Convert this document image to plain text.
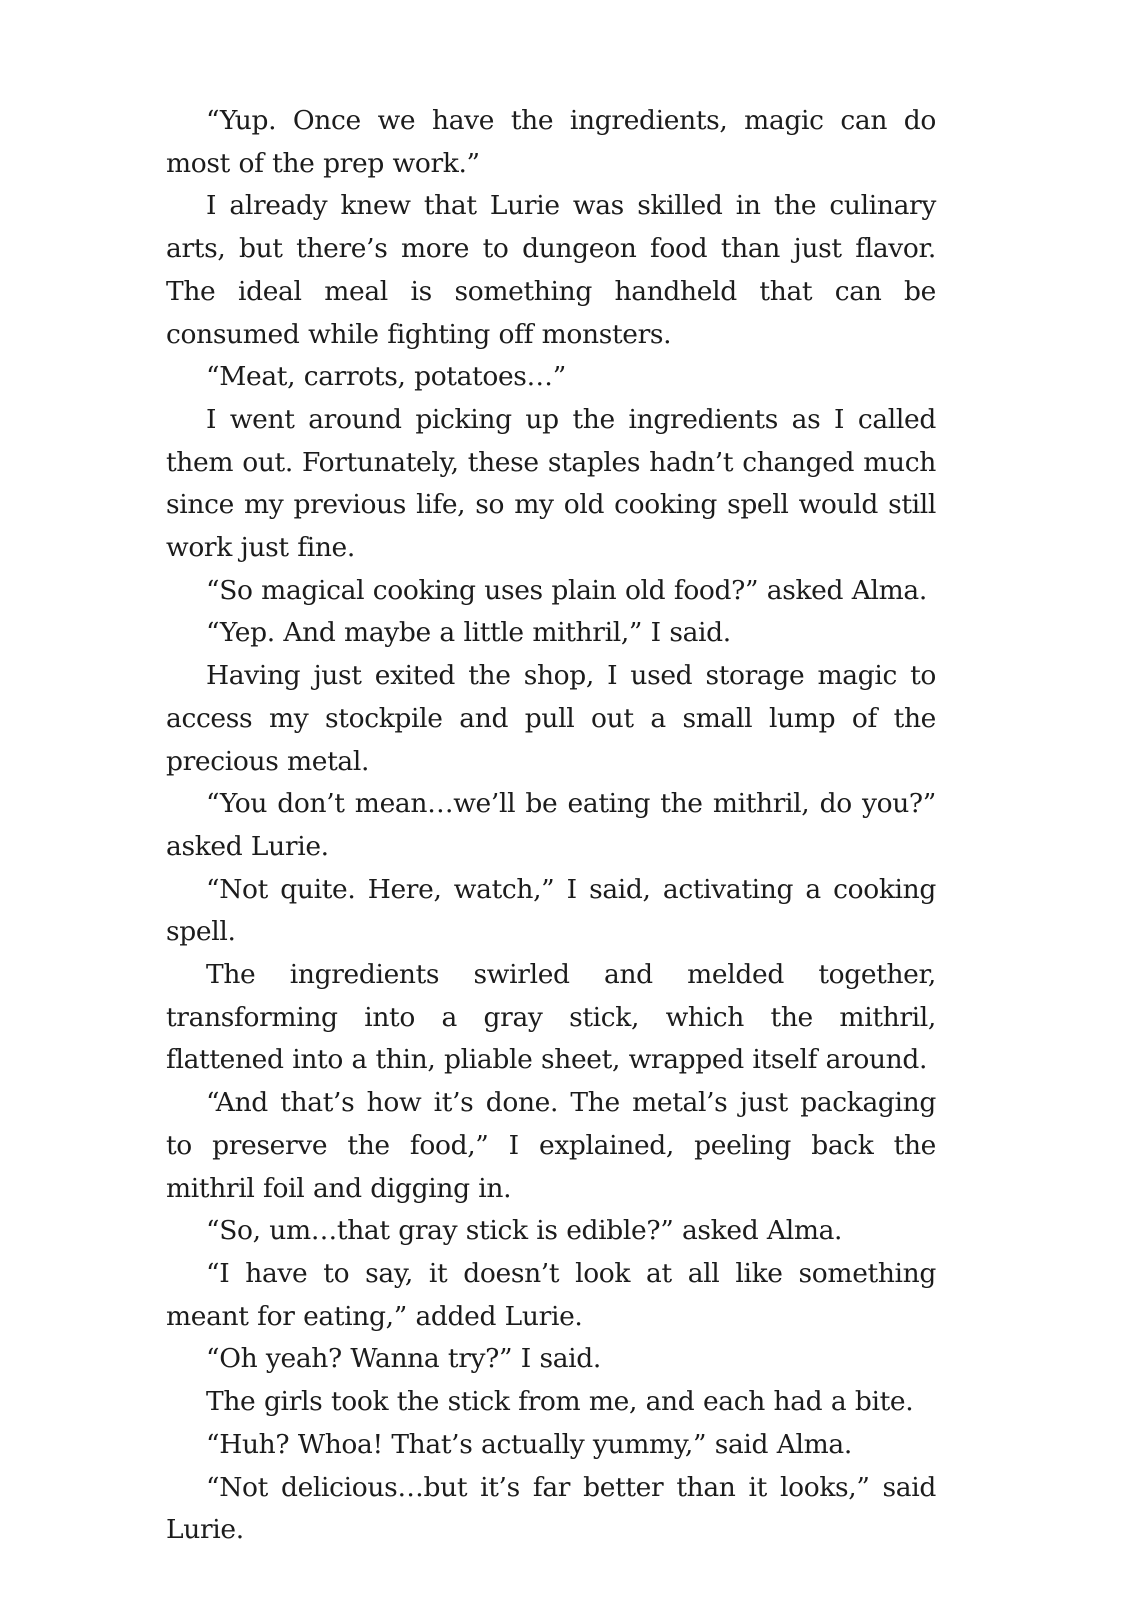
“Yup. Once we have the ingredients, magic can do most of the prep work.”

I already knew that Lurie was skilled in the culinary arts, but there’s more to dungeon food than just flavor. The ideal meal is something handheld that can be consumed while fighting off monsters.

“Meat, carrots, potatoes…”

I went around picking up the ingredients as I called them out. Fortunately, these staples hadn’t changed much since my previous life, so my old cooking spell would still work just fine.

“So magical cooking uses plain old food?” asked Alma.

“Yep. And maybe a little mithril,” I said.

Having just exited the shop, I used storage magic to access my stockpile and pull out a small lump of the precious metal.

“You don’t mean…we’ll be eating the mithril, do you?” asked Lurie.

“Not quite. Here, watch,” I said, activating a cooking spell.

The ingredients swirled and melded together, transforming into a gray stick, which the mithril, flattened into a thin, pliable sheet, wrapped itself around.

“And that’s how it’s done. The metal’s just packaging to preserve the food,” I explained, peeling back the mithril foil and digging in.

“So, um…that gray stick is edible?” asked Alma.

“I have to say, it doesn’t look at all like something meant for eating,” added Lurie.

“Oh yeah? Wanna try?” I said.

The girls took the stick from me, and each had a bite.

“Huh? Whoa! That’s actually yummy,” said Alma.

“Not delicious…but it’s far better than it looks,” said Lurie.
